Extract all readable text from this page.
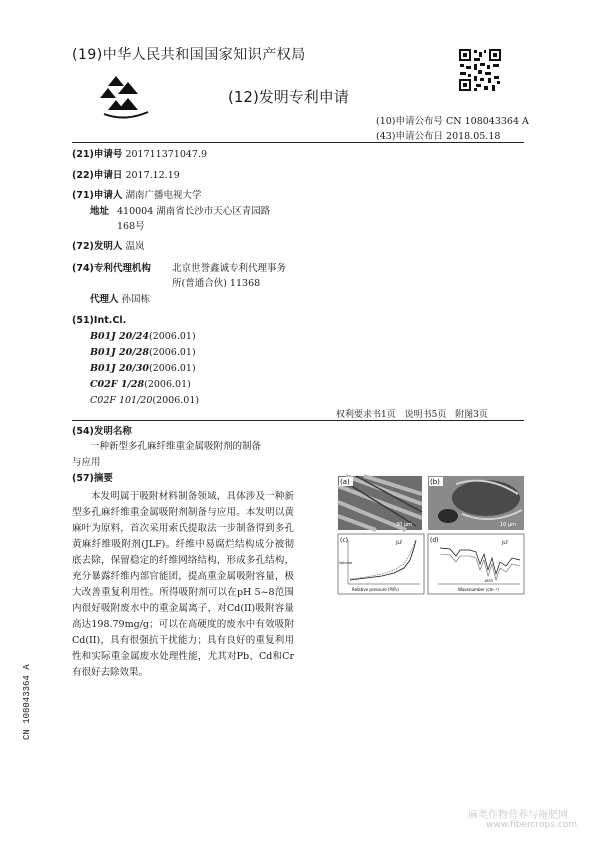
(19)中华人民共和国国家知识产权局
(12)发明专利申请
(10)申请公布号 CN 108043364 A
(43)申请公布日 2018.05.18
(21)申请号 201711371047.9
(22)申请日 2017.12.19
(71)申请人 湖南广播电视大学
地址 410004 湖南省长沙市天心区青园路
168号
(72)发明人 温岚
(74)专利代理机构 北京世誉鑫诚专利代理事务
所(普通合伙) 11368
代理人 孙国栋
(51)Int.Cl.
B01J 20/24(2006.01)
B01J 20/28(2006.01)
B01J 20/30(2006.01)
C02F 1/28(2006.01)
C02F 101/20(2006.01)
权利要求书1页 说明书5页 附图3页
(54)发明名称
一种新型多孔麻纤维重金属吸附剂的制备
与应用
(57)摘要
本发明属于吸附材料制备领域，具体涉及一种新型多孔麻纤维重金属吸附剂制备与应用。本发明以黄麻叶为原料，首次采用索氏提取法一步制备得到多孔黄麻纤维吸附剂(JLF)。纤维中易腐烂结构成分被彻底去除，保留稳定的纤维网络结构，形成多孔结构，充分暴露纤维内部官能团，提高重金属吸附容量，极大改善重复利用性。所得吸附剂可以在pH 5~8范围内很好吸附废水中的重金属离子，对Cd(II)吸附容量高达198.79mg/g；可以在高硬度的废水中有效吸附Cd(II)，具有很强抗干扰能力；具有良好的重复利用性和实际重金属废水处理性能，尤其对Pb、Cd和Cr有很好去除效果。
(a)
30 μm
(b)
10 μm
(c)	JLF
Volume
Relative pressure (P/P₀)
(d)	JLF
1653
Wavenumber (cm⁻¹)
CN 108043364 A
麻类作物营养与施肥网
www.fibercrops.com
